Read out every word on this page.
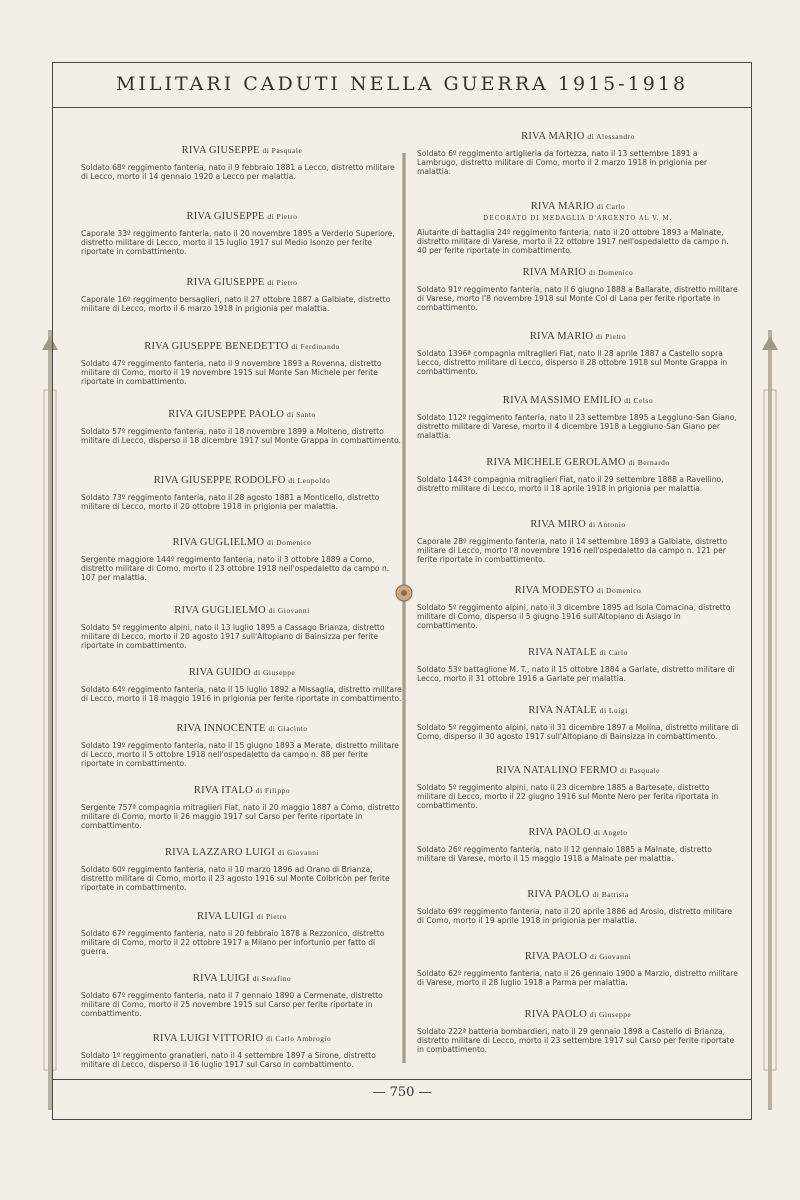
MILITARI CADUTI NELLA GUERRA 1915-1918
RIVA GIUSEPPE di Pasquale
Soldato 68º reggimento fanteria, nato il 9 febbraio 1881 a Lecco, distretto militare di Lecco, morto il 14 gennaio 1920 a Lecco per malattia.
RIVA GIUSEPPE di Pietro
Caporale 33º reggimento fanteria, nato il 20 novembre 1895 a Verderio Superiore, distretto militare di Lecco, morto il 15 luglio 1917 sul Medio Isonzo per ferite riportate in combattimento.
RIVA GIUSEPPE di Pietro
Caporale 16º reggimento bersaglieri, nato il 27 ottobre 1887 a Galbiate, distretto militare di Lecco, morto il 6 marzo 1918 in prigionia per malattia.
RIVA GIUSEPPE BENEDETTO di Ferdinando
Soldato 47º reggimento fanteria, nato il 9 novembre 1893 a Rovenna, distretto militare di Como, morto il 19 novembre 1915 sul Monte San Michele per ferite riportate in combattimento.
RIVA GIUSEPPE PAOLO di Santo
Soldato 57º reggimento fanteria, nato il 18 novembre 1899 a Molteno, distretto militare di Lecco, disperso il 18 dicembre 1917 sul Monte Grappa in combattimento.
RIVA GIUSEPPE RODOLFO di Leopoldo
Soldato 73º reggimento fanteria, nato il 28 agosto 1881 a Monticello, distretto militare di Lecco, morto il 20 ottobre 1918 in prigionia per malattia.
RIVA GUGLIELMO di Domenico
Sergente maggiore 144º reggimento fanteria, nato il 3 ottobre 1889 a Como, distretto militare di Como, morto il 23 ottobre 1918 nell'ospedaletto da campo n. 107 per malattia.
RIVA GUGLIELMO di Giovanni
Soldato 5º reggimento alpini, nato il 13 luglio 1895 a Cassago Brianza, distretto militare di Lecco, morto il 20 agosto 1917 sull'Altopiano di Bainsizza per ferite riportate in combattimento.
RIVA GUIDO di Giuseppe
Soldato 64º reggimento fanteria, nato il 15 luglio 1892 a Missaglia, distretto militare di Lecco, morto il 18 maggio 1916 in prigionia per ferite riportate in combattimento.
RIVA INNOCENTE di Giacinto
Soldato 19º reggimento fanteria, nato il 15 giugno 1893 a Merate, distretto militare di Lecco, morto il 5 ottobre 1918 nell'ospedaletto da campo n. 88 per ferite riportate in combattimento.
RIVA ITALO di Filippo
Sergente 757ª compagnia mitraglieri Fiat, nato il 20 maggio 1887 a Como, distretto militare di Como, morto il 26 maggio 1917 sul Carso per ferite riportate in combattimento.
RIVA LAZZARO LUIGI di Giovanni
Soldato 60º reggimento fanteria, nato il 10 marzo 1896 ad Orano di Brianza, distretto militare di Como, morto il 23 agosto 1916 sul Monte Colbricòn per ferite riportate in combattimento.
RIVA LUIGI di Pietro
Soldato 67º reggimento fanteria, nato il 20 febbraio 1878 a Rezzonico, distretto militare di Como, morto il 22 ottobre 1917 a Milano per infortunio per fatto di guerra.
RIVA LUIGI di Serafino
Soldato 67º reggimento fanteria, nato il 7 gennaio 1890 a Cermenate, distretto militare di Como, morto il 25 novembre 1915 sul Carso per ferite riportate in combattimento.
RIVA LUIGI VITTORIO di Carlo Ambrogio
Soldato 1º reggimento granatieri, nato il 4 settembre 1897 a Sirone, distretto militare di Lecco, disperso il 16 luglio 1917 sul Carso in combattimento.
RIVA MARIO di Alessandro
Soldato 6º reggimento artiglieria da fortezza, nato il 13 settembre 1891 a Lambrugo, distretto militare di Como, morto il 2 marzo 1918 in prigionia per malattia.
RIVA MARIO di Carlo
DECORATO DI MEDAGLIA D'ARGENTO AL V. M.
Aiutante di battaglia 24º reggimento fanteria, nato il 20 ottobre 1893 a Malnate, distretto militare di Varese, morto il 22 ottobre 1917 nell'ospedaletto da campo n. 40 per ferite riportate in combattimento.
RIVA MARIO di Domenico
Soldato 91º reggimento fanteria, nato il 6 giugno 1888 a Ballarate, distretto militare di Varese, morto l'8 novembre 1918 sul Monte Col di Lana per ferite riportate in combattimento.
RIVA MARIO di Pietro
Soldato 1396ª compagnia mitraglieri Fiat, nato il 28 aprile 1887 a Castello sopra Lecco, distretto militare di Lecco, disperso il 28 ottobre 1918 sul Monte Grappa in combattimento.
RIVA MASSIMO EMILIO di Celso
Soldato 112º reggimento fanteria, nato il 23 settembre 1895 a Leggiuno-San Giano, distretto militare di Varese, morto il 4 dicembre 1918 a Leggiuno-San Giano per malattia.
RIVA MICHELE GEROLAMO di Bernardo
Soldato 1443ª compagnia mitraglieri Fiat, nato il 29 settembre 1888 a Ravellino, distretto militare di Lecco, morto il 18 aprile 1918 in prigionia per malattia.
RIVA MIRO di Antonio
Caporale 28º reggimento fanteria, nato il 14 settembre 1893 a Galbiate, distretto militare di Lecco, morto l'8 novembre 1916 nell'ospedaletto da campo n. 121 per ferite riportate in combattimento.
RIVA MODESTO di Domenico
Soldato 5º reggimento alpini, nato il 3 dicembre 1895 ad Isola Comacina, distretto militare di Como, disperso il 5 giugno 1916 sull'Altopiano di Asiago in combattimento.
RIVA NATALE di Carlo
Soldato 53º battaglione M. T., nato il 15 ottobre 1884 a Garlate, distretto militare di Lecco, morto il 31 ottobre 1916 a Garlate per malattia.
RIVA NATALE di Luigi
Soldato 5º reggimento alpini, nato il 31 dicembre 1897 a Molina, distretto militare di Como, disperso il 30 agosto 1917 sull'Altopiano di Bainsizza in combattimento.
RIVA NATALINO FERMO di Pasquale
Soldato 5º reggimento alpini, nato il 23 dicembre 1885 a Bartesate, distretto militare di Lecco, morto il 22 giugno 1916 sul Monte Nero per ferita riportata in combattimento.
RIVA PAOLO di Angelo
Soldato 26º reggimento fanteria, nato il 12 gennaio 1885 a Malnate, distretto militare di Varese, morto il 15 maggio 1918 a Malnate per malattia.
RIVA PAOLO di Battista
Soldato 69º reggimento fanteria, nato il 20 aprile 1886 ad Arosio, distretto militare di Como, morto il 19 aprile 1918 in prigionia per malattia.
RIVA PAOLO di Giovanni
Soldato 62º reggimento fanteria, nato il 26 gennaio 1900 a Marzio, distretto militare di Varese, morto il 28 luglio 1918 a Parma per malattia.
RIVA PAOLO di Giuseppe
Soldato 222ª batteria bombardieri, nato il 29 gennaio 1898 a Castello di Brianza, distretto militare di Lecco, morto il 23 settembre 1917 sul Carso per ferite riportate in combattimento.
— 750 —
